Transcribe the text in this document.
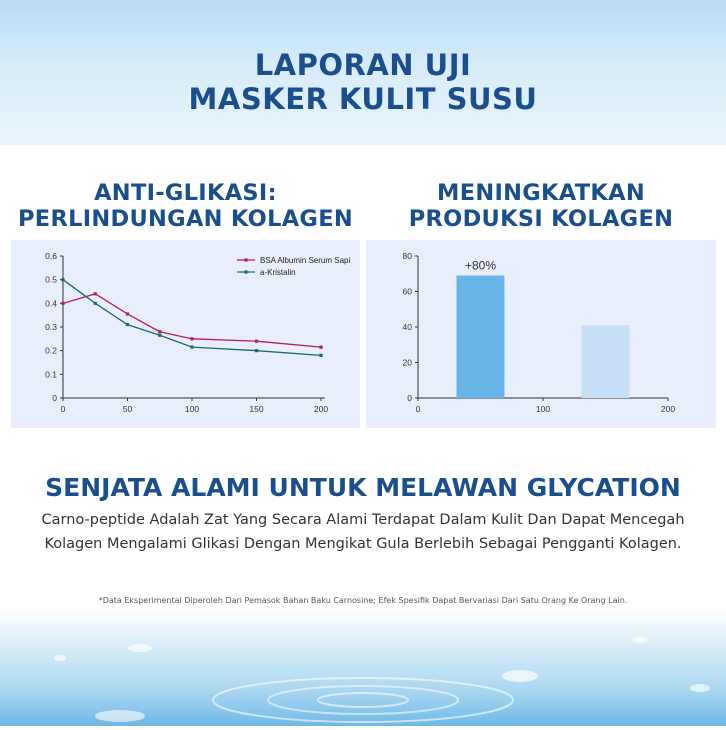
LAPORAN UJI
MASKER KULIT SUSU
ANTI-GLIKASI:
PERLINDUNGAN KOLAGEN
MENINGKATKAN
PRODUKSI KOLAGEN
0
0.1
0.2
0.3
0.4
0.5
0.6
0	50	100	150	200
BSA Albumin Serum Sapi
a-Kristalin
0
20
40
60
80
0	100	200
+80%
SENJATA ALAMI UNTUK MELAWAN GLYCATION
Carno-peptide Adalah Zat Yang Secara Alami Terdapat Dalam Kulit Dan Dapat Mencegah
Kolagen Mengalami Glikasi Dengan Mengikat Gula Berlebih Sebagai Pengganti Kolagen.
*Data Eksperimental Diperoleh Dari Pemasok Bahan Baku Carnosine; Efek Spesifik Dapat Bervariasi Dari Satu Orang Ke Orang Lain.
